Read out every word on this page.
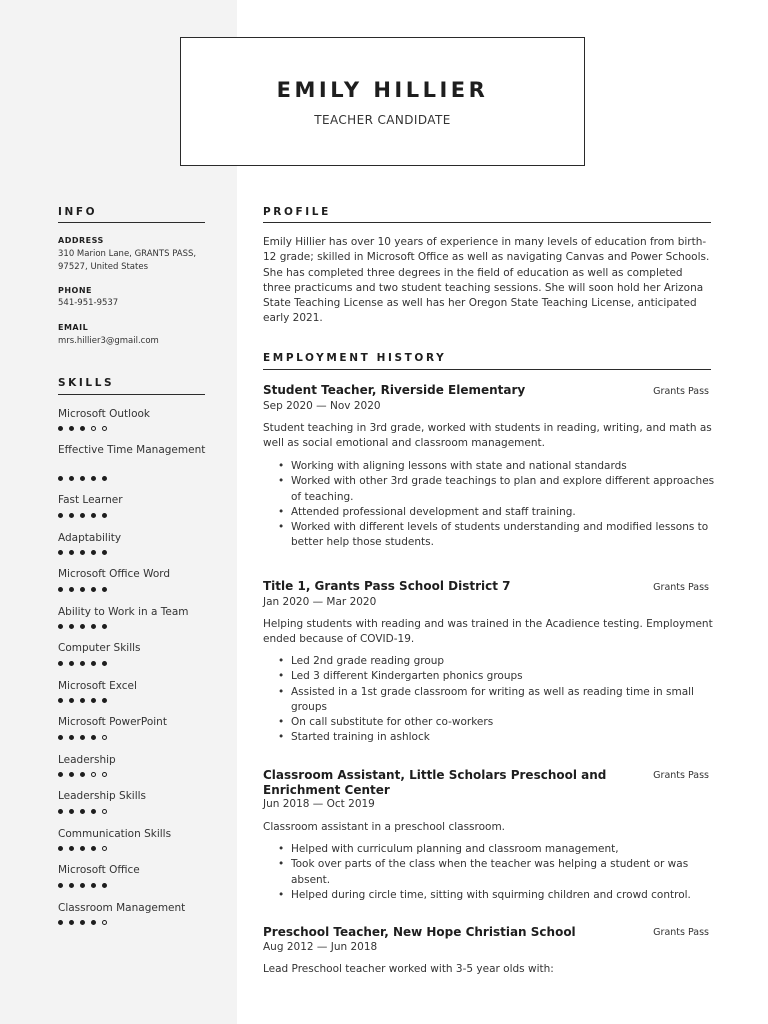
EMILY HILLIER
TEACHER CANDIDATE
INFO
ADDRESS
310 Marion Lane, GRANTS PASS, 97527, United States
PHONE
541-951-9537
EMAIL
mrs.hillier3@gmail.com
SKILLS
Microsoft Outlook
Effective Time Management
Fast Learner
Adaptability
Microsoft Office Word
Ability to Work in a Team
Computer Skills
Microsoft Excel
Microsoft PowerPoint
Leadership
Leadership Skills
Communication Skills
Microsoft Office
Classroom Management
PROFILE
Emily Hillier has over 10 years of experience in many levels of education from birth-12 grade; skilled in Microsoft Office as well as navigating Canvas and Power Schools. She has completed three degrees in the field of education as well as completed three practicums and two student teaching sessions. She will soon hold her Arizona State Teaching License as well has her Oregon State Teaching License, anticipated early 2021.
EMPLOYMENT HISTORY
Student Teacher, Riverside Elementary	Grants Pass
Sep 2020 — Nov 2020
Student teaching in 3rd grade, worked with students in reading, writing, and math as well as social emotional and classroom management.
• Working with aligning lessons with state and national standards
• Worked with other 3rd grade teachings to plan and explore different approaches of teaching.
• Attended professional development and staff training.
• Worked with different levels of students understanding and modified lessons to better help those students.
Title 1, Grants Pass School District 7	Grants Pass
Jan 2020 — Mar 2020
Helping students with reading and was trained in the Acadience testing. Employment ended because of COVID-19.
• Led 2nd grade reading group
• Led 3 different Kindergarten phonics groups
• Assisted in a 1st grade classroom for writing as well as reading time in small groups
• On call substitute for other co-workers
• Started training in ashlock
Classroom Assistant, Little Scholars Preschool and Enrichment Center
Grants Pass
Jun 2018 — Oct 2019
Classroom assistant in a preschool classroom.
• Helped with curriculum planning and classroom management,
• Took over parts of the class when the teacher was helping a student or was absent.
• Helped during circle time, sitting with squirming children and crowd control.
Preschool Teacher, New Hope Christian School	Grants Pass
Aug 2012 — Jun 2018
Lead Preschool teacher worked with 3-5 year olds with:
